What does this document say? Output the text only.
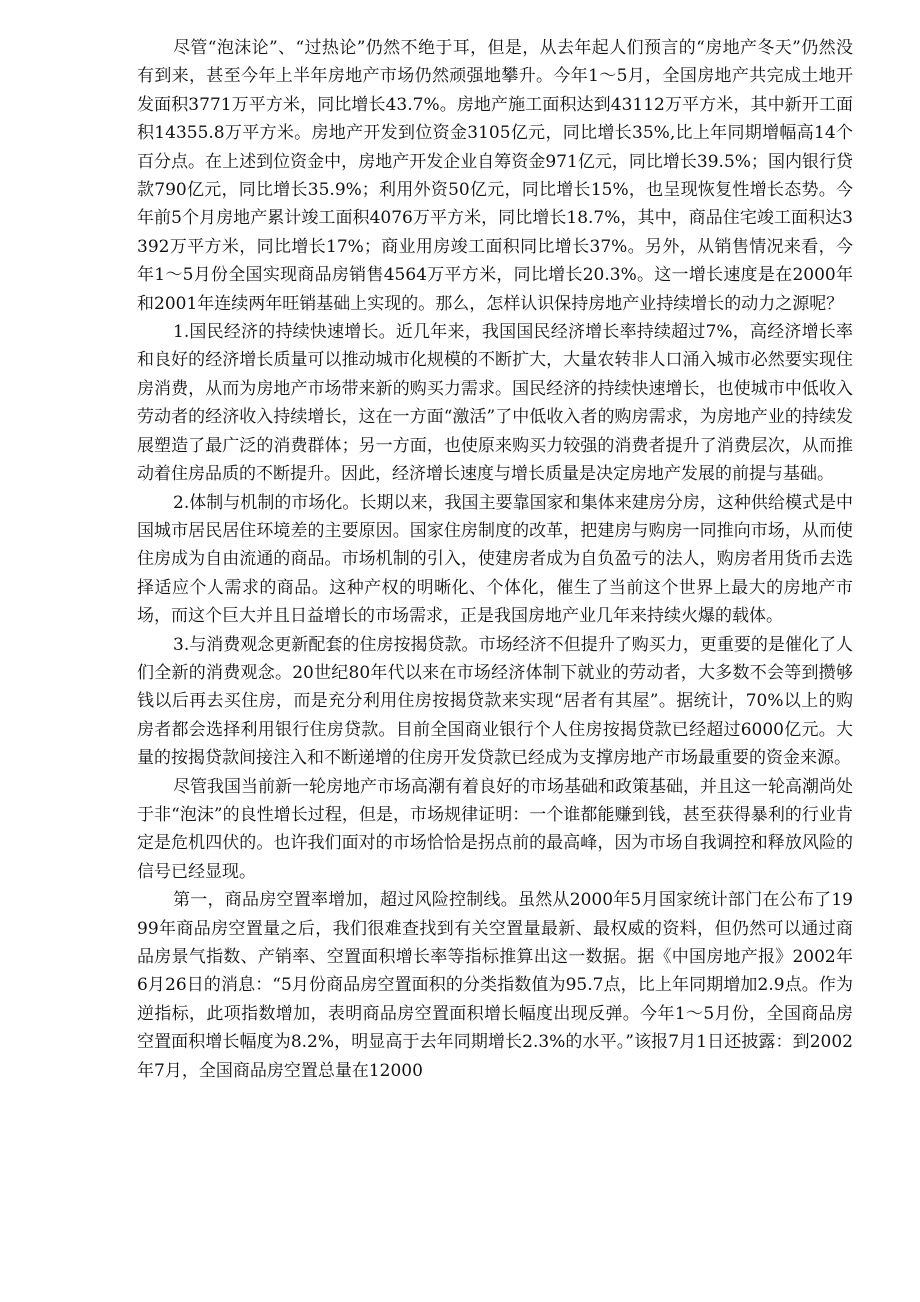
尽管“泡沫论”、“过热论”仍然不绝于耳，但是，从去年起人们预言的“房地产冬天”仍然没有到来，甚至今年上半年房地产市场仍然顽强地攀升。今年1～5月，全国房地产共完成土地开发面积3771万平方米，同比增长43.7%。房地产施工面积达到43112万平方米，其中新开工面积14355.8万平方米。房地产开发到位资金3105亿元，同比增长35%,比上年同期增幅高14个百分点。在上述到位资金中，房地产开发企业自筹资金971亿元，同比增长39.5%；国内银行贷款790亿元，同比增长35.9%；利用外资50亿元，同比增长15%，也呈现恢复性增长态势。今年前5个月房地产累计竣工面积4076万平方米，同比增长18.7%，其中，商品住宅竣工面积达3392万平方米，同比增长17%；商业用房竣工面积同比增长37%。另外，从销售情况来看，今年1～5月份全国实现商品房销售4564万平方米，同比增长20.3%。这一增长速度是在2000年和2001年连续两年旺销基础上实现的。那么，怎样认识保持房地产业持续增长的动力之源呢？

1.国民经济的持续快速增长。近几年来，我国国民经济增长率持续超过7%，高经济增长率和良好的经济增长质量可以推动城市化规模的不断扩大，大量农转非人口涌入城市必然要实现住房消费，从而为房地产市场带来新的购买力需求。国民经济的持续快速增长，也使城市中低收入劳动者的经济收入持续增长，这在一方面“激活”了中低收入者的购房需求，为房地产业的持续发展塑造了最广泛的消费群体；另一方面，也使原来购买力较强的消费者提升了消费层次，从而推动着住房品质的不断提升。因此，经济增长速度与增长质量是决定房地产发展的前提与基础。

2.体制与机制的市场化。长期以来，我国主要靠国家和集体来建房分房，这种供给模式是中国城市居民居住环境差的主要原因。国家住房制度的改革，把建房与购房一同推向市场，从而使住房成为自由流通的商品。市场机制的引入，使建房者成为自负盈亏的法人，购房者用货币去选择适应个人需求的商品。这种产权的明晰化、个体化，催生了当前这个世界上最大的房地产市场，而这个巨大并且日益增长的市场需求，正是我国房地产业几年来持续火爆的载体。

3.与消费观念更新配套的住房按揭贷款。市场经济不但提升了购买力，更重要的是催化了人们全新的消费观念。20世纪80年代以来在市场经济体制下就业的劳动者，大多数不会等到攒够钱以后再去买住房，而是充分利用住房按揭贷款来实现“居者有其屋”。据统计，70%以上的购房者都会选择利用银行住房贷款。目前全国商业银行个人住房按揭贷款已经超过6000亿元。大量的按揭贷款间接注入和不断递增的住房开发贷款已经成为支撑房地产市场最重要的资金来源。

尽管我国当前新一轮房地产市场高潮有着良好的市场基础和政策基础，并且这一轮高潮尚处于非“泡沫”的良性增长过程，但是，市场规律证明：一个谁都能赚到钱，甚至获得暴利的行业肯定是危机四伏的。也许我们面对的市场恰恰是拐点前的最高峰，因为市场自我调控和释放风险的信号已经显现。

第一，商品房空置率增加，超过风险控制线。虽然从2000年5月国家统计部门在公布了1999年商品房空置量之后，我们很难查找到有关空置量最新、最权威的资料，但仍然可以通过商品房景气指数、产销率、空置面积增长率等指标推算出这一数据。据《中国房地产报》2002年6月26日的消息：“5月份商品房空置面积的分类指数值为95.7点，比上年同期增加2.9点。作为逆指标，此项指数增加，表明商品房空置面积增长幅度出现反弹。今年1～5月份，全国商品房空置面积增长幅度为8.2%，明显高于去年同期增长2.3%的水平。”该报7月1日还披露：到2002年7月，全国商品房空置总量在12000
